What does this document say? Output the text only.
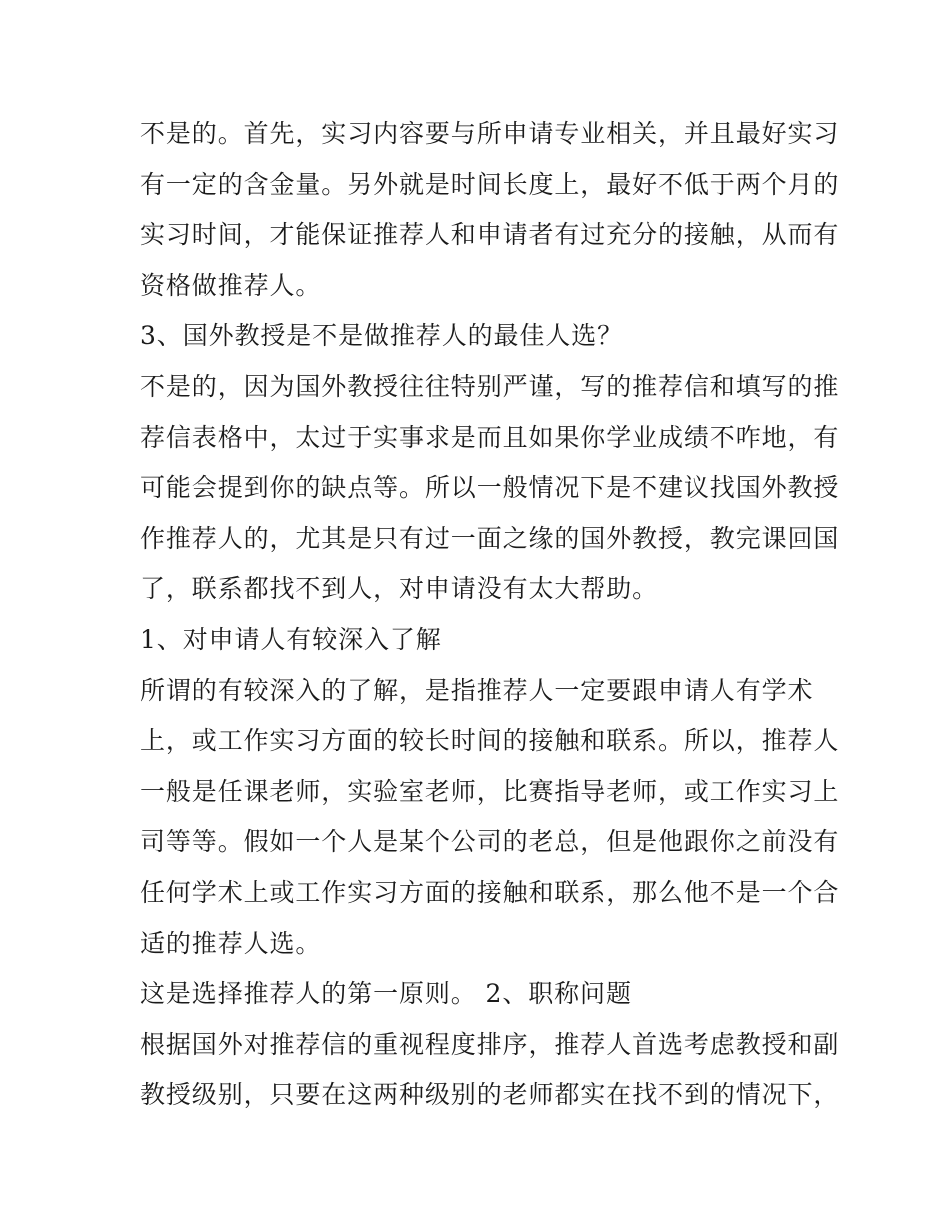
不是的。首先，实习内容要与所申请专业相关，并且最好实习
有一定的含金量。另外就是时间长度上，最好不低于两个月的
实习时间，才能保证推荐人和申请者有过充分的接触，从而有
资格做推荐人。
3、国外教授是不是做推荐人的最佳人选？
不是的，因为国外教授往往特别严谨，写的推荐信和填写的推
荐信表格中，太过于实事求是而且如果你学业成绩不咋地，有
可能会提到你的缺点等。所以一般情况下是不建议找国外教授
作推荐人的，尤其是只有过一面之缘的国外教授，教完课回国
了，联系都找不到人，对申请没有太大帮助。
1、对申请人有较深入了解
所谓的有较深入的了解，是指推荐人一定要跟申请人有学术
上，或工作实习方面的较长时间的接触和联系。所以，推荐人
一般是任课老师，实验室老师，比赛指导老师，或工作实习上
司等等。假如一个人是某个公司的老总，但是他跟你之前没有
任何学术上或工作实习方面的接触和联系，那么他不是一个合
适的推荐人选。
这是选择推荐人的第一原则。 2、职称问题
根据国外对推荐信的重视程度排序，推荐人首选考虑教授和副
教授级别，只要在这两种级别的老师都实在找不到的情况下，
